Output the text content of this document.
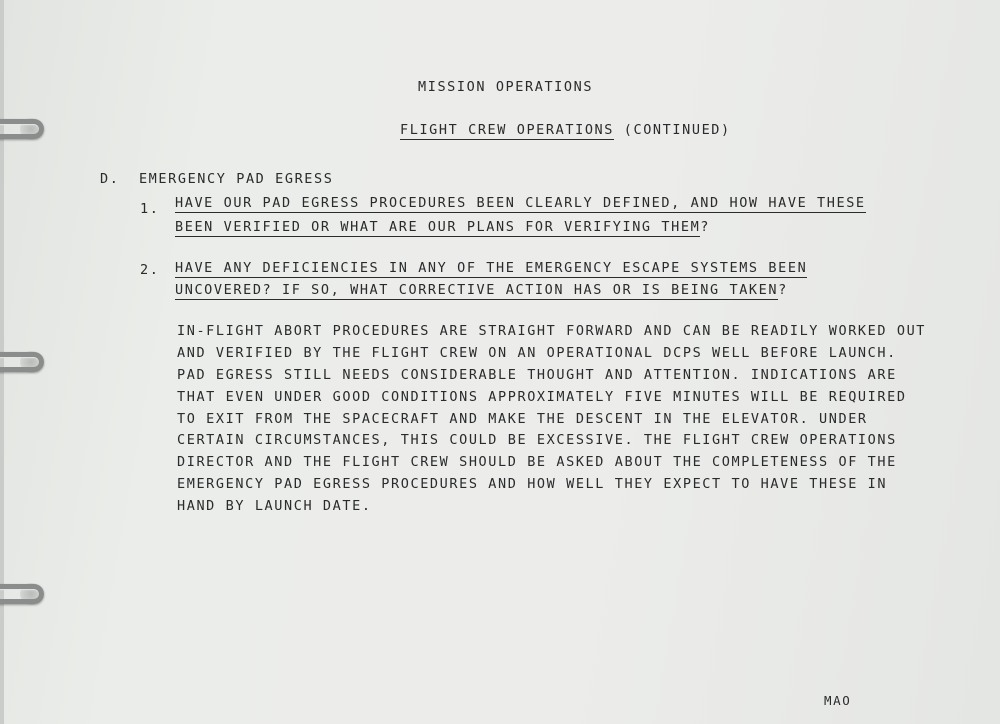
MISSION OPERATIONS
FLIGHT CREW OPERATIONS (CONTINUED)
D. EMERGENCY PAD EGRESS
1. HAVE OUR PAD EGRESS PROCEDURES BEEN CLEARLY DEFINED, AND HOW HAVE THESE
BEEN VERIFIED OR WHAT ARE OUR PLANS FOR VERIFYING THEM?
2. HAVE ANY DEFICIENCIES IN ANY OF THE EMERGENCY ESCAPE SYSTEMS BEEN
UNCOVERED? IF SO, WHAT CORRECTIVE ACTION HAS OR IS BEING TAKEN?
IN-FLIGHT ABORT PROCEDURES ARE STRAIGHT FORWARD AND CAN BE READILY WORKED OUT
AND VERIFIED BY THE FLIGHT CREW ON AN OPERATIONAL DCPS WELL BEFORE LAUNCH.
PAD EGRESS STILL NEEDS CONSIDERABLE THOUGHT AND ATTENTION. INDICATIONS ARE
THAT EVEN UNDER GOOD CONDITIONS APPROXIMATELY FIVE MINUTES WILL BE REQUIRED
TO EXIT FROM THE SPACECRAFT AND MAKE THE DESCENT IN THE ELEVATOR. UNDER
CERTAIN CIRCUMSTANCES, THIS COULD BE EXCESSIVE. THE FLIGHT CREW OPERATIONS
DIRECTOR AND THE FLIGHT CREW SHOULD BE ASKED ABOUT THE COMPLETENESS OF THE
EMERGENCY PAD EGRESS PROCEDURES AND HOW WELL THEY EXPECT TO HAVE THESE IN
HAND BY LAUNCH DATE.
MAO
